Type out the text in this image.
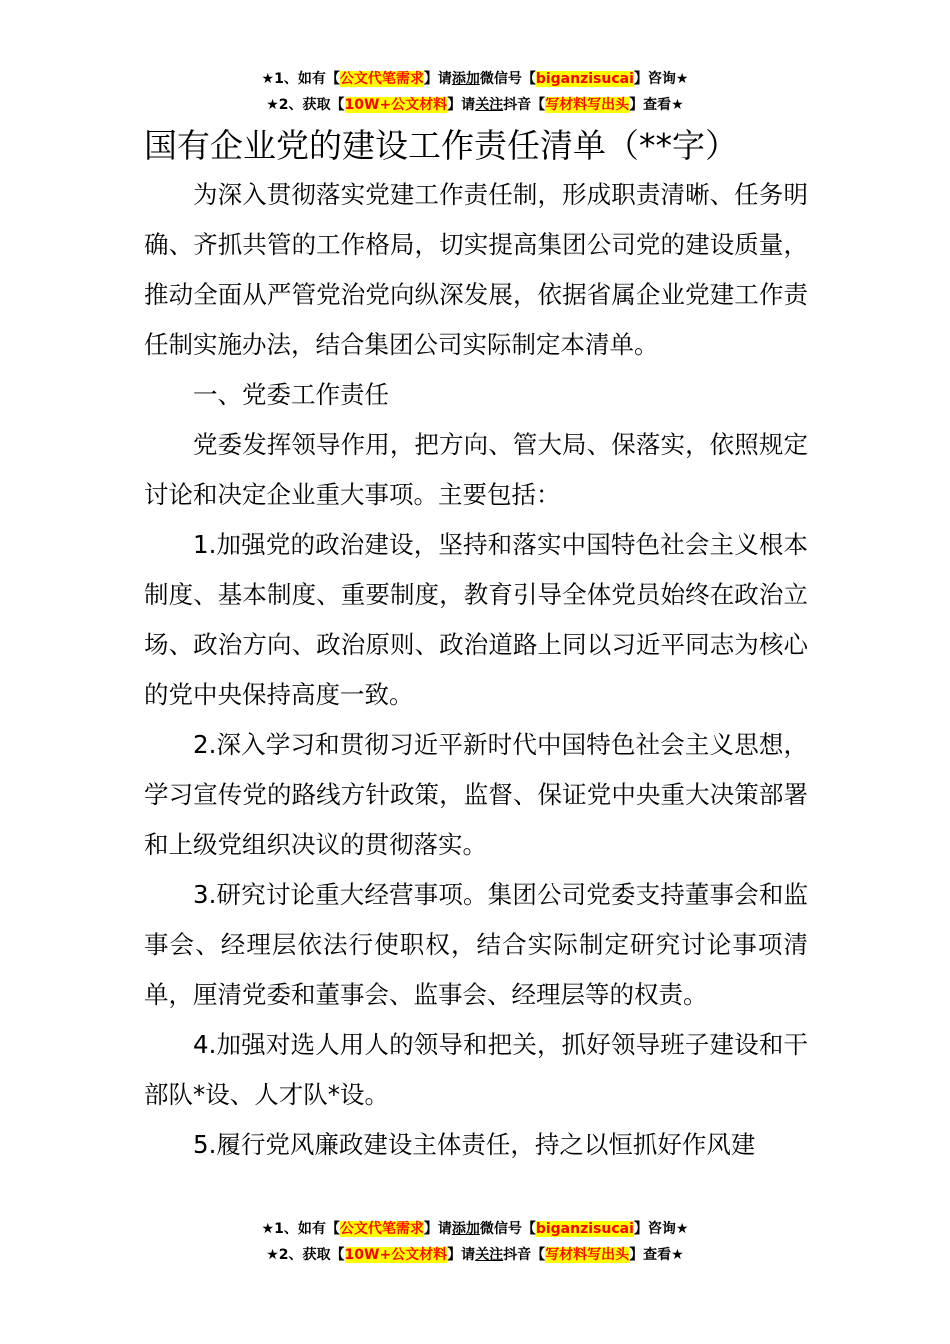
★1、如有【公文代笔需求】请添加微信号【biganzisucai】咨询★
★2、获取【10W+公文材料】请关注抖音【写材料写出头】查看★
国有企业党的建设工作责任清单（**字）

为深入贯彻落实党建工作责任制，形成职责清晰、任务明确、齐抓共管的工作格局，切实提高集团公司党的建设质量，推动全面从严管党治党向纵深发展，依据省属企业党建工作责任制实施办法，结合集团公司实际制定本清单。

一、党委工作责任

党委发挥领导作用，把方向、管大局、保落实，依照规定讨论和决定企业重大事项。主要包括：

1.加强党的政治建设，坚持和落实中国特色社会主义根本制度、基本制度、重要制度，教育引导全体党员始终在政治立场、政治方向、政治原则、政治道路上同以习近平同志为核心的党中央保持高度一致。

2.深入学习和贯彻习近平新时代中国特色社会主义思想，学习宣传党的路线方针政策，监督、保证党中央重大决策部署和上级党组织决议的贯彻落实。

3.研究讨论重大经营事项。集团公司党委支持董事会和监事会、经理层依法行使职权，结合实际制定研究讨论事项清单，厘清党委和董事会、监事会、经理层等的权责。

4.加强对选人用人的领导和把关，抓好领导班子建设和干部队*设、人才队*设。

5.履行党风廉政建设主体责任，持之以恒抓好作风建

★1、如有【公文代笔需求】请添加微信号【biganzisucai】咨询★
★2、获取【10W+公文材料】请关注抖音【写材料写出头】查看★
